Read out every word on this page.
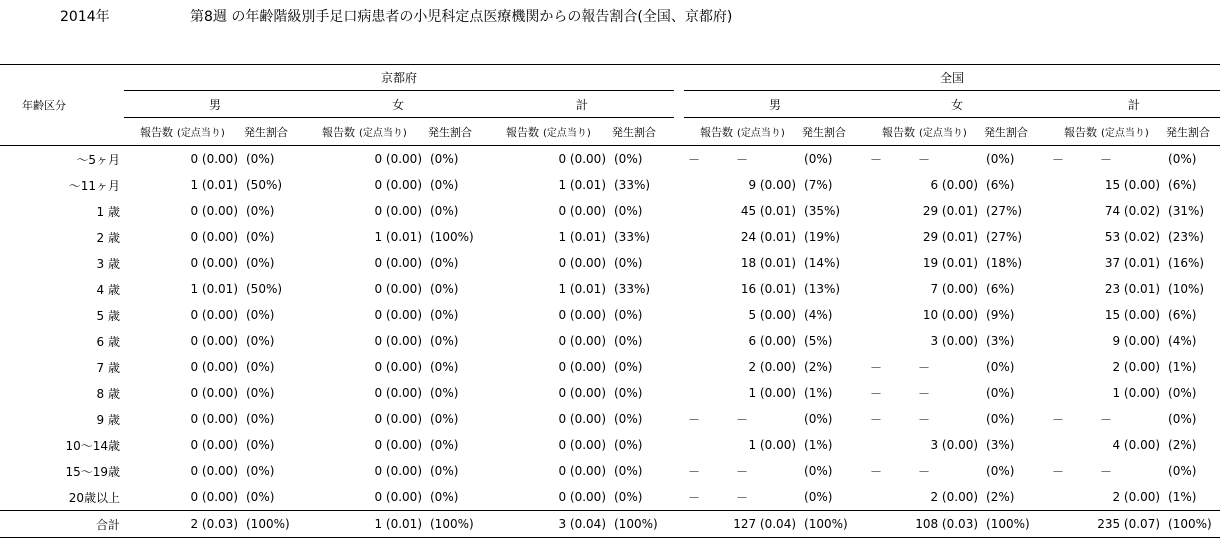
2014年	第8週 の年齢階級別手足口病患者の小児科定点医療機関からの報告割合(全国、京都府)
年齢区分	京都府							全国					
	男		女		計			男		女		計	
	報告数 (定点当り)	発生割合	報告数 (定点当り)	発生割合	報告数 (定点当り)	発生割合		報告数 (定点当り)	発生割合	報告数 (定点当り)	発生割合	報告数 (定点当り)	発生割合
～5ヶ月	0 (0.00)	(0%)	0 (0.00)	(0%)	0 (0.00)	(0%)		－　　　－	(0%)	－　　　－	(0%)	－　　　－	(0%)
～11ヶ月	1 (0.01)	(50%)	0 (0.00)	(0%)	1 (0.01)	(33%)		9 (0.00)	(7%)	6 (0.00)	(6%)	15 (0.00)	(6%)
1 歳	0 (0.00)	(0%)	0 (0.00)	(0%)	0 (0.00)	(0%)		45 (0.01)	(35%)	29 (0.01)	(27%)	74 (0.02)	(31%)
2 歳	0 (0.00)	(0%)	1 (0.01)	(100%)	1 (0.01)	(33%)		24 (0.01)	(19%)	29 (0.01)	(27%)	53 (0.02)	(23%)
3 歳	0 (0.00)	(0%)	0 (0.00)	(0%)	0 (0.00)	(0%)		18 (0.01)	(14%)	19 (0.01)	(18%)	37 (0.01)	(16%)
4 歳	1 (0.01)	(50%)	0 (0.00)	(0%)	1 (0.01)	(33%)		16 (0.01)	(13%)	7 (0.00)	(6%)	23 (0.01)	(10%)
5 歳	0 (0.00)	(0%)	0 (0.00)	(0%)	0 (0.00)	(0%)		5 (0.00)	(4%)	10 (0.00)	(9%)	15 (0.00)	(6%)
6 歳	0 (0.00)	(0%)	0 (0.00)	(0%)	0 (0.00)	(0%)		6 (0.00)	(5%)	3 (0.00)	(3%)	9 (0.00)	(4%)
7 歳	0 (0.00)	(0%)	0 (0.00)	(0%)	0 (0.00)	(0%)		2 (0.00)	(2%)	－　　　－	(0%)	2 (0.00)	(1%)
8 歳	0 (0.00)	(0%)	0 (0.00)	(0%)	0 (0.00)	(0%)		1 (0.00)	(1%)	－　　　－	(0%)	1 (0.00)	(0%)
9 歳	0 (0.00)	(0%)	0 (0.00)	(0%)	0 (0.00)	(0%)		－　　　－	(0%)	－　　　－	(0%)	－　　　－	(0%)
10～14歳	0 (0.00)	(0%)	0 (0.00)	(0%)	0 (0.00)	(0%)		1 (0.00)	(1%)	3 (0.00)	(3%)	4 (0.00)	(2%)
15～19歳	0 (0.00)	(0%)	0 (0.00)	(0%)	0 (0.00)	(0%)		－　　　－	(0%)	－　　　－	(0%)	－　　　－	(0%)
20歳以上	0 (0.00)	(0%)	0 (0.00)	(0%)	0 (0.00)	(0%)		－　　　－	(0%)	2 (0.00)	(2%)	2 (0.00)	(1%)
合計	2 (0.03)	(100%)	1 (0.01)	(100%)	3 (0.04)	(100%)		127 (0.04)	(100%)	108 (0.03)	(100%)	235 (0.07)	(100%)
